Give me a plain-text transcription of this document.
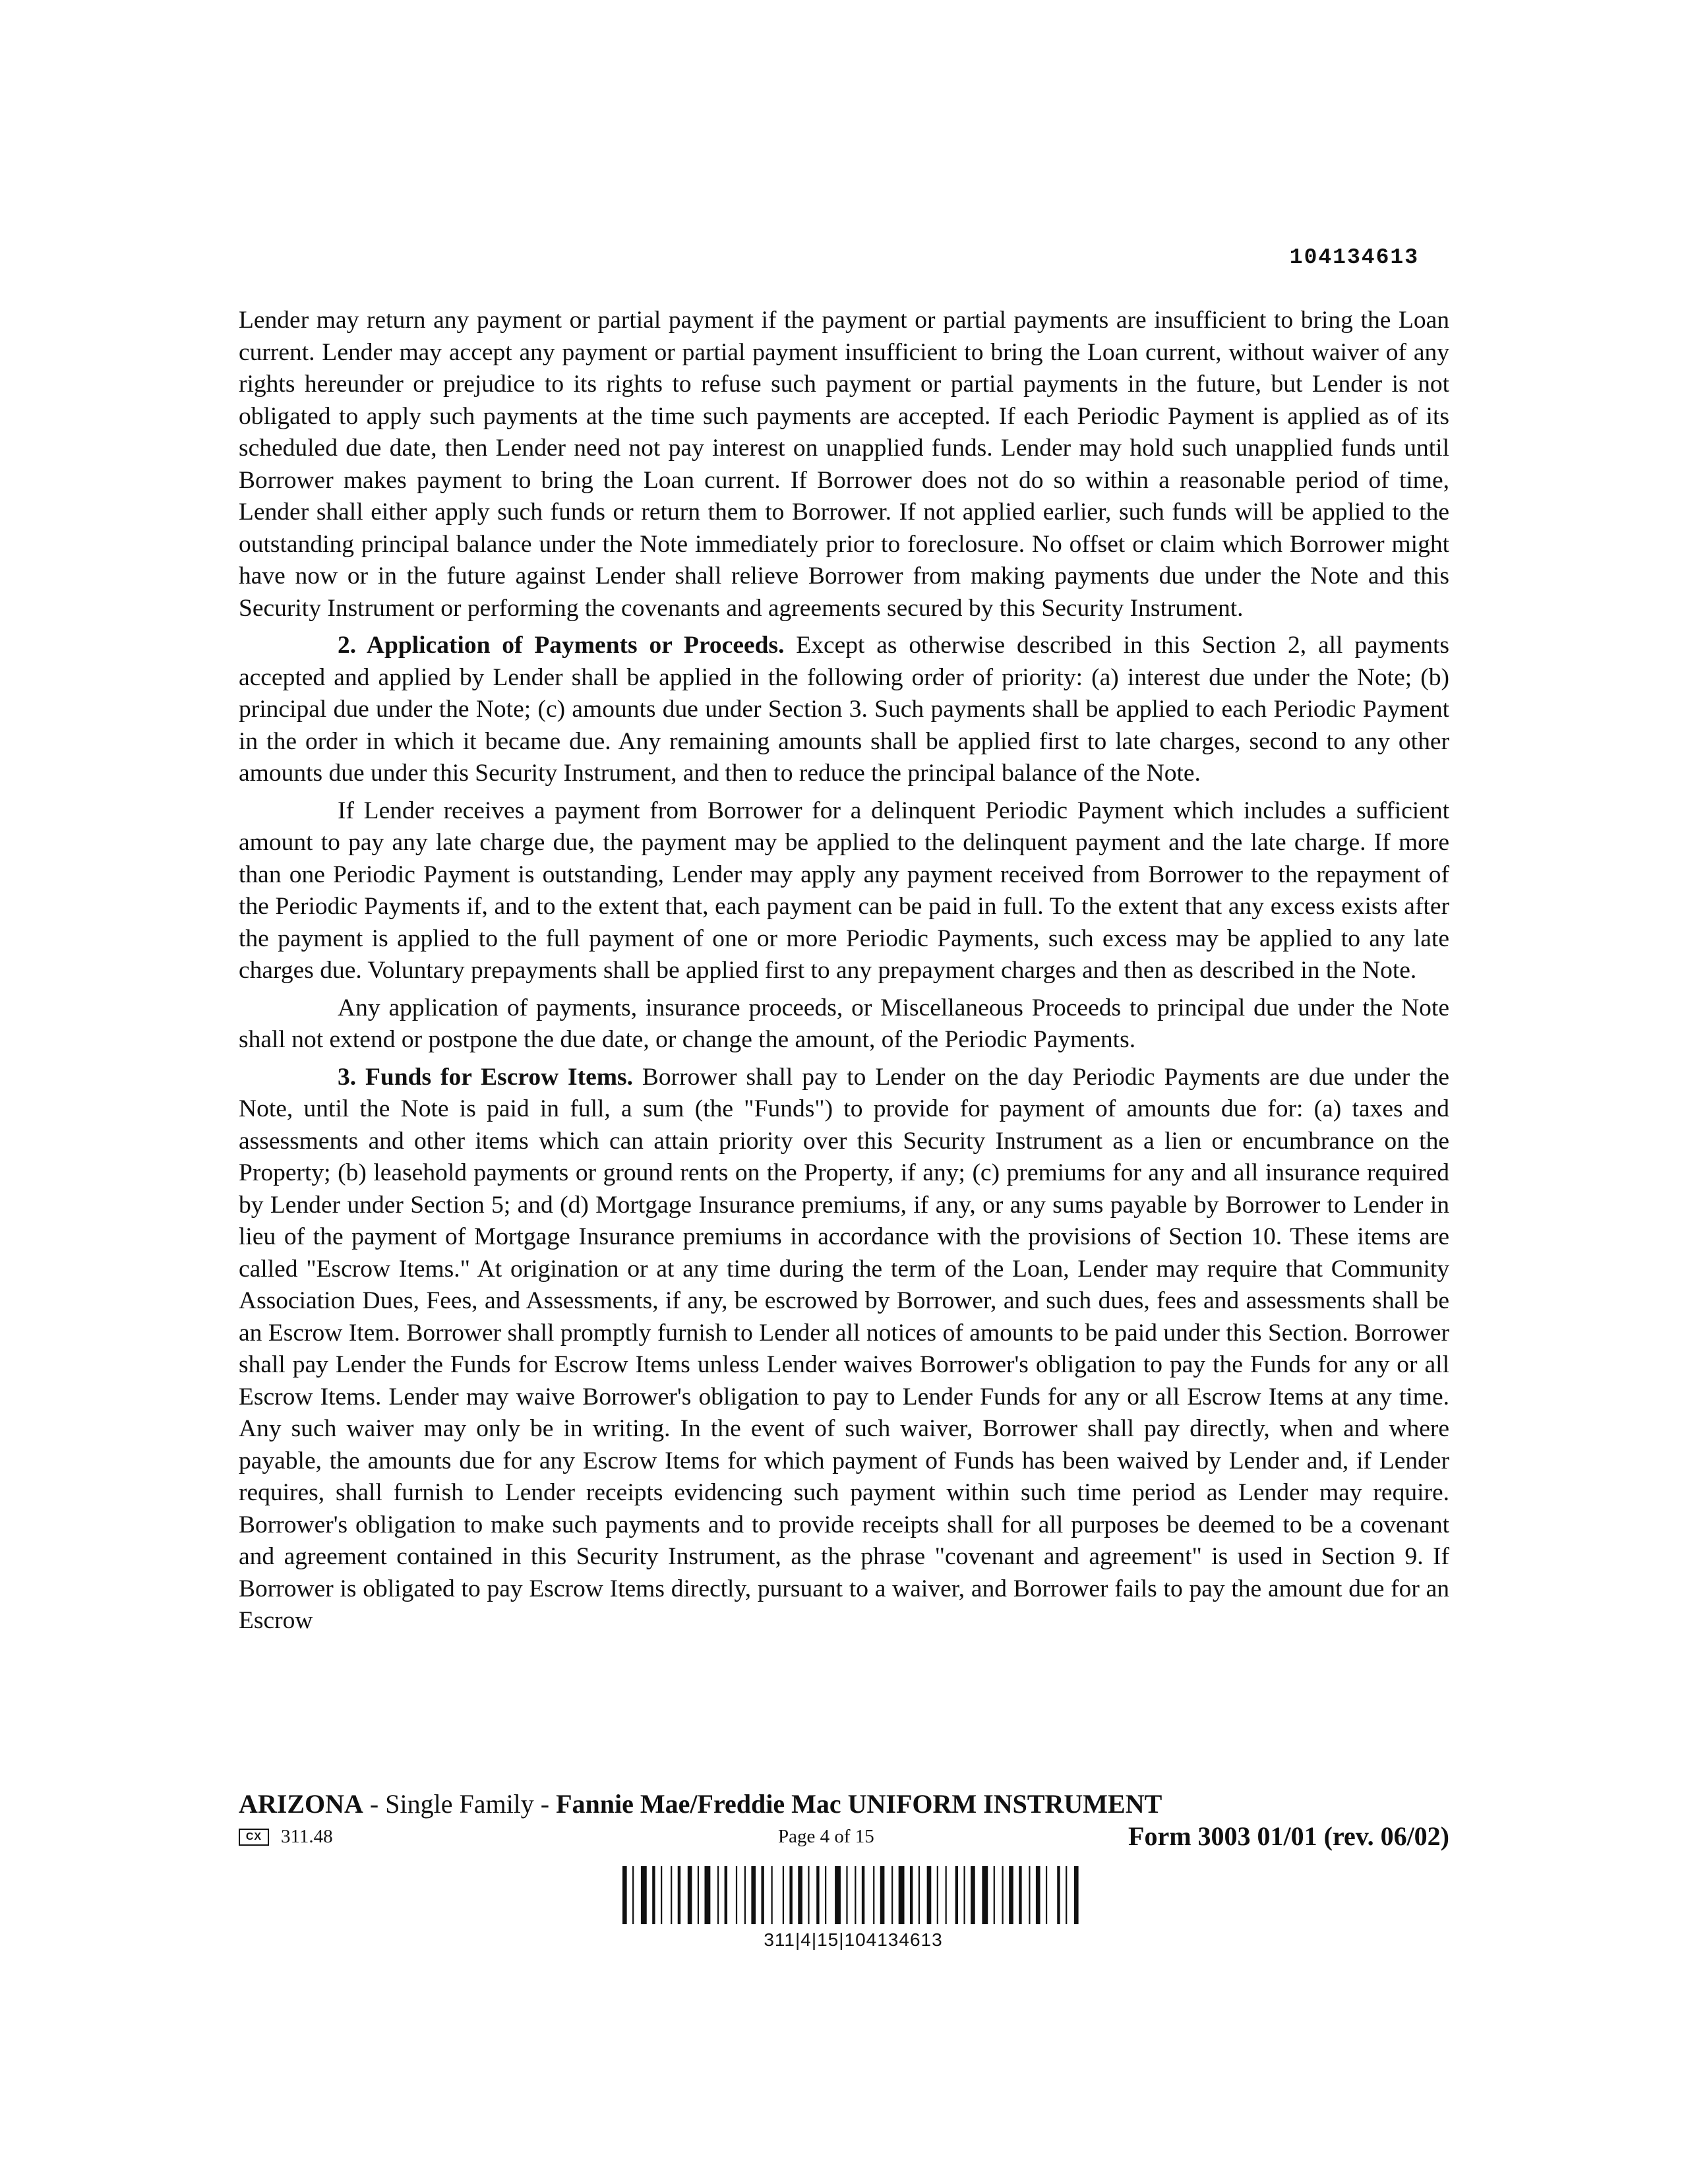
104134613

Lender may return any payment or partial payment if the payment or partial payments are insufficient to bring the Loan current. Lender may accept any payment or partial payment insufficient to bring the Loan current, without waiver of any rights hereunder or prejudice to its rights to refuse such payment or partial payments in the future, but Lender is not obligated to apply such payments at the time such payments are accepted. If each Periodic Payment is applied as of its scheduled due date, then Lender need not pay interest on unapplied funds. Lender may hold such unapplied funds until Borrower makes payment to bring the Loan current. If Borrower does not do so within a reasonable period of time, Lender shall either apply such funds or return them to Borrower. If not applied earlier, such funds will be applied to the outstanding principal balance under the Note immediately prior to foreclosure. No offset or claim which Borrower might have now or in the future against Lender shall relieve Borrower from making payments due under the Note and this Security Instrument or performing the covenants and agreements secured by this Security Instrument.

2. Application of Payments or Proceeds. Except as otherwise described in this Section 2, all payments accepted and applied by Lender shall be applied in the following order of priority: (a) interest due under the Note; (b) principal due under the Note; (c) amounts due under Section 3. Such payments shall be applied to each Periodic Payment in the order in which it became due. Any remaining amounts shall be applied first to late charges, second to any other amounts due under this Security Instrument, and then to reduce the principal balance of the Note.

If Lender receives a payment from Borrower for a delinquent Periodic Payment which includes a sufficient amount to pay any late charge due, the payment may be applied to the delinquent payment and the late charge. If more than one Periodic Payment is outstanding, Lender may apply any payment received from Borrower to the repayment of the Periodic Payments if, and to the extent that, each payment can be paid in full. To the extent that any excess exists after the payment is applied to the full payment of one or more Periodic Payments, such excess may be applied to any late charges due. Voluntary prepayments shall be applied first to any prepayment charges and then as described in the Note.

Any application of payments, insurance proceeds, or Miscellaneous Proceeds to principal due under the Note shall not extend or postpone the due date, or change the amount, of the Periodic Payments.

3. Funds for Escrow Items. Borrower shall pay to Lender on the day Periodic Payments are due under the Note, until the Note is paid in full, a sum (the "Funds") to provide for payment of amounts due for: (a) taxes and assessments and other items which can attain priority over this Security Instrument as a lien or encumbrance on the Property; (b) leasehold payments or ground rents on the Property, if any; (c) premiums for any and all insurance required by Lender under Section 5; and (d) Mortgage Insurance premiums, if any, or any sums payable by Borrower to Lender in lieu of the payment of Mortgage Insurance premiums in accordance with the provisions of Section 10. These items are called "Escrow Items." At origination or at any time during the term of the Loan, Lender may require that Community Association Dues, Fees, and Assessments, if any, be escrowed by Borrower, and such dues, fees and assessments shall be an Escrow Item. Borrower shall promptly furnish to Lender all notices of amounts to be paid under this Section. Borrower shall pay Lender the Funds for Escrow Items unless Lender waives Borrower's obligation to pay the Funds for any or all Escrow Items. Lender may waive Borrower's obligation to pay to Lender Funds for any or all Escrow Items at any time. Any such waiver may only be in writing. In the event of such waiver, Borrower shall pay directly, when and where payable, the amounts due for any Escrow Items for which payment of Funds has been waived by Lender and, if Lender requires, shall furnish to Lender receipts evidencing such payment within such time period as Lender may require. Borrower's obligation to make such payments and to provide receipts shall for all purposes be deemed to be a covenant and agreement contained in this Security Instrument, as the phrase "covenant and agreement" is used in Section 9. If Borrower is obligated to pay Escrow Items directly, pursuant to a waiver, and Borrower fails to pay the amount due for an Escrow

ARIZONA - Single Family - Fannie Mae/Freddie Mac UNIFORM INSTRUMENT
CX 311.48	Page 4 of 15	Form 3003 01/01 (rev. 06/02)
311|4|15|104134613
